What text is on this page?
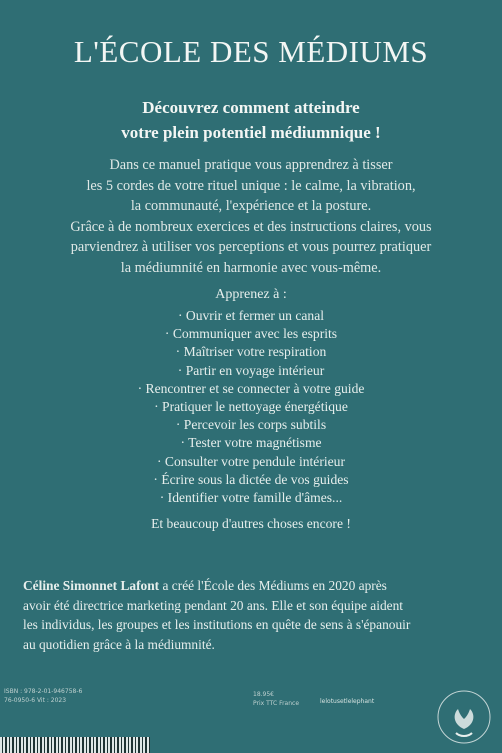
L'ÉCOLE DES MÉDIUMS
Découvrez comment atteindre
votre plein potentiel médiumnique !
Dans ce manuel pratique vous apprendrez à tisser
les 5 cordes de votre rituel unique : le calme, la vibration,
la communauté, l'expérience et la posture.
Grâce à de nombreux exercices et des instructions claires, vous
parviendrez à utiliser vos perceptions et vous pourrez pratiquer
la médiumnité en harmonie avec vous-même.
Apprenez à :
· Ouvrir et fermer un canal
· Communiquer avec les esprits
· Maîtriser votre respiration
· Partir en voyage intérieur
· Rencontrer et se connecter à votre guide
· Pratiquer le nettoyage énergétique
· Percevoir les corps subtils
· Tester votre magnétisme
· Consulter votre pendule intérieur
· Écrire sous la dictée de vos guides
· Identifier votre famille d'âmes...
Et beaucoup d'autres choses encore !
Céline Simonnet Lafont a créé l'École des Médiums en 2020 après
avoir été directrice marketing pendant 20 ans. Elle et son équipe aident
les individus, les groupes et les institutions en quête de sens à s'épanouir
au quotidien grâce à la médiumnité.
ISBN : 978-2-01-946758-6
76-0950-6 Vit : 2023
18.95€
Prix TTC France	lelotusetlelephant
